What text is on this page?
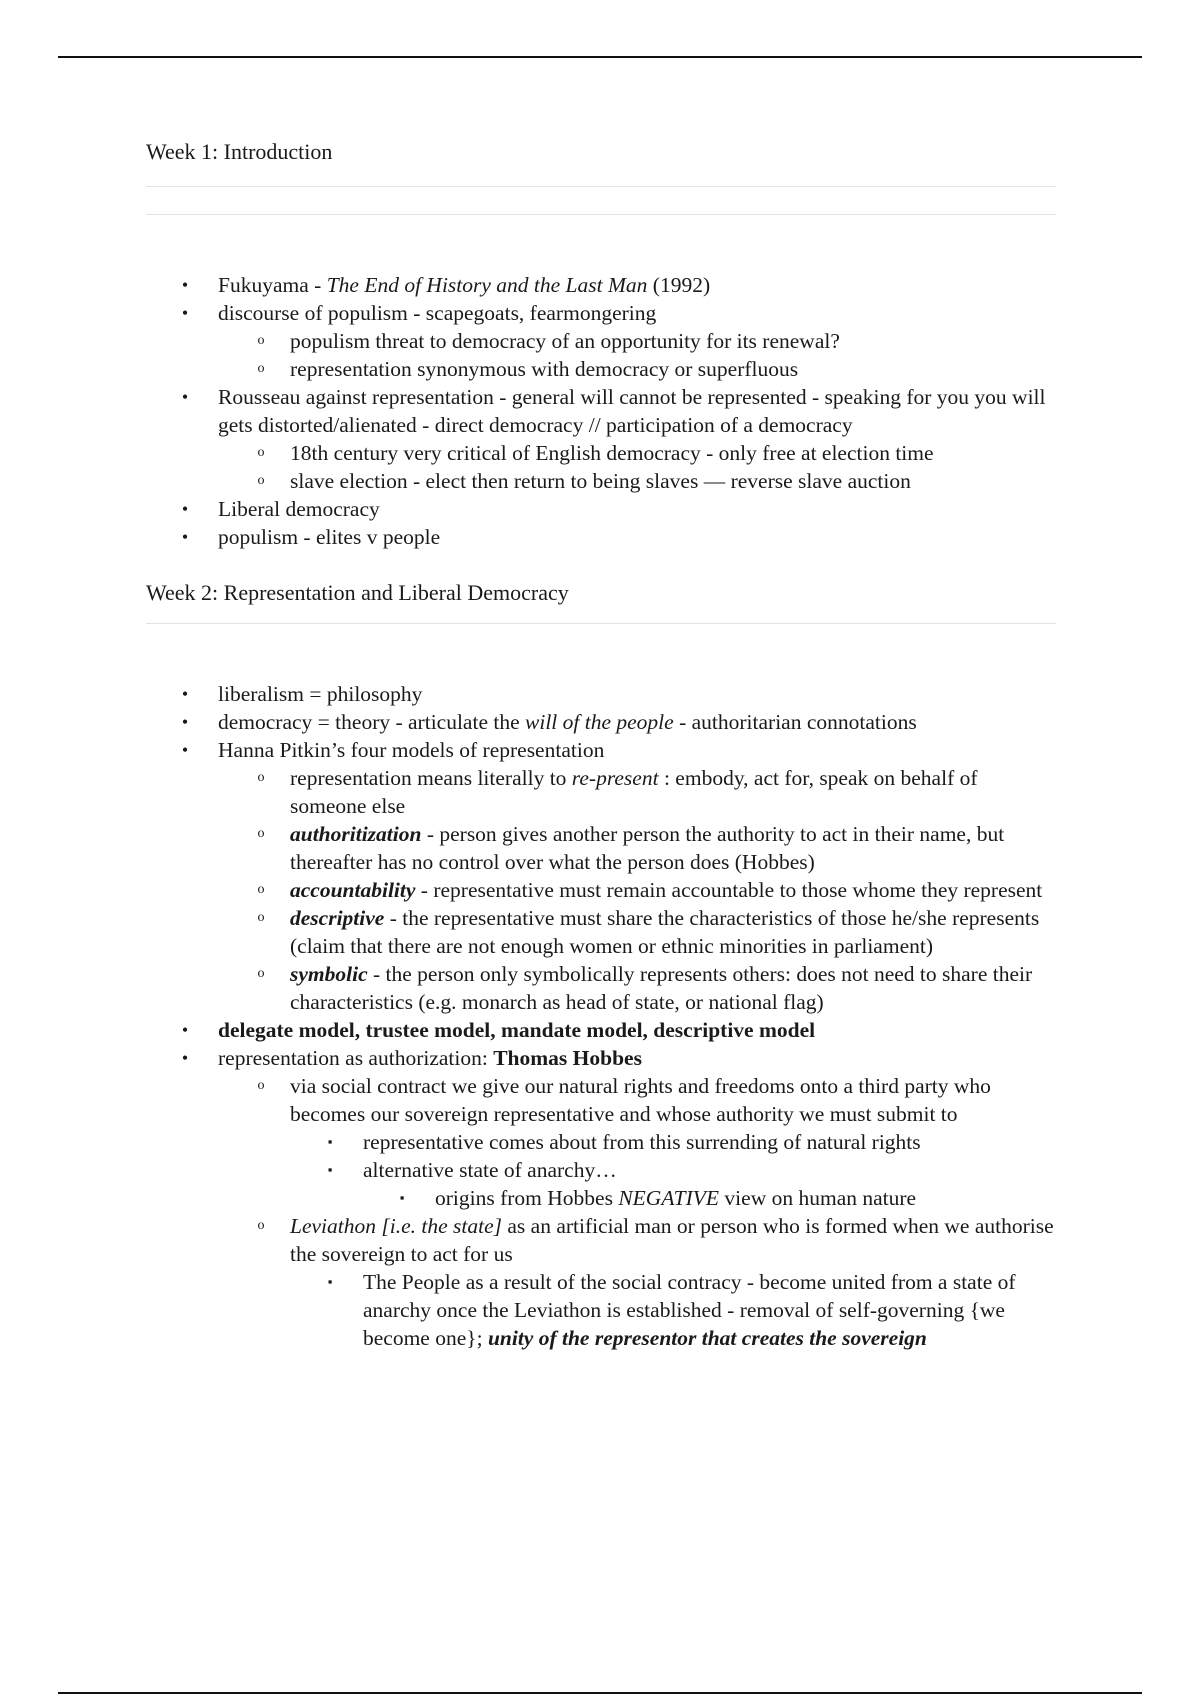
Week 1: Introduction
•	Fukuyama - The End of History and the Last Man (1992)
•	discourse of populism - scapegoats, fearmongering
o	populism threat to democracy of an opportunity for its renewal?
o	representation synonymous with democracy or superfluous
•	Rousseau against representation - general will cannot be represented - speaking for you you will gets distorted/alienated - direct democracy // participation of a democracy
o	18th century very critical of English democracy - only free at election time
o	slave election - elect then return to being slaves — reverse slave auction
•	Liberal democracy
•	populism - elites v people
Week 2: Representation and Liberal Democracy
•	liberalism = philosophy
•	democracy = theory - articulate the will of the people - authoritarian connotations
•	Hanna Pitkin’s four models of representation
o	representation means literally to re-present : embody, act for, speak on behalf of someone else
o	authoritization - person gives another person the authority to act in their name, but thereafter has no control over what the person does (Hobbes)
o	accountability - representative must remain accountable to those whome they represent
o	descriptive - the representative must share the characteristics of those he/she represents (claim that there are not enough women or ethnic minorities in parliament)
o	symbolic - the person only symbolically represents others: does not need to share their characteristics (e.g. monarch as head of state, or national flag)
•	delegate model, trustee model, mandate model, descriptive model
•	representation as authorization: Thomas Hobbes
o	via social contract we give our natural rights and freedoms onto a third party who becomes our sovereign representative and whose authority we must submit to
▪	representative comes about from this surrending of natural rights
▪	alternative state of anarchy…
▪	origins from Hobbes NEGATIVE view on human nature
o	Leviathon [i.e. the state] as an artificial man or person who is formed when we authorise the sovereign to act for us
▪	The People as a result of the social contracy - become united from a state of anarchy once the Leviathon is established - removal of self-governing {we become one}; unity of the representor that creates the sovereign
